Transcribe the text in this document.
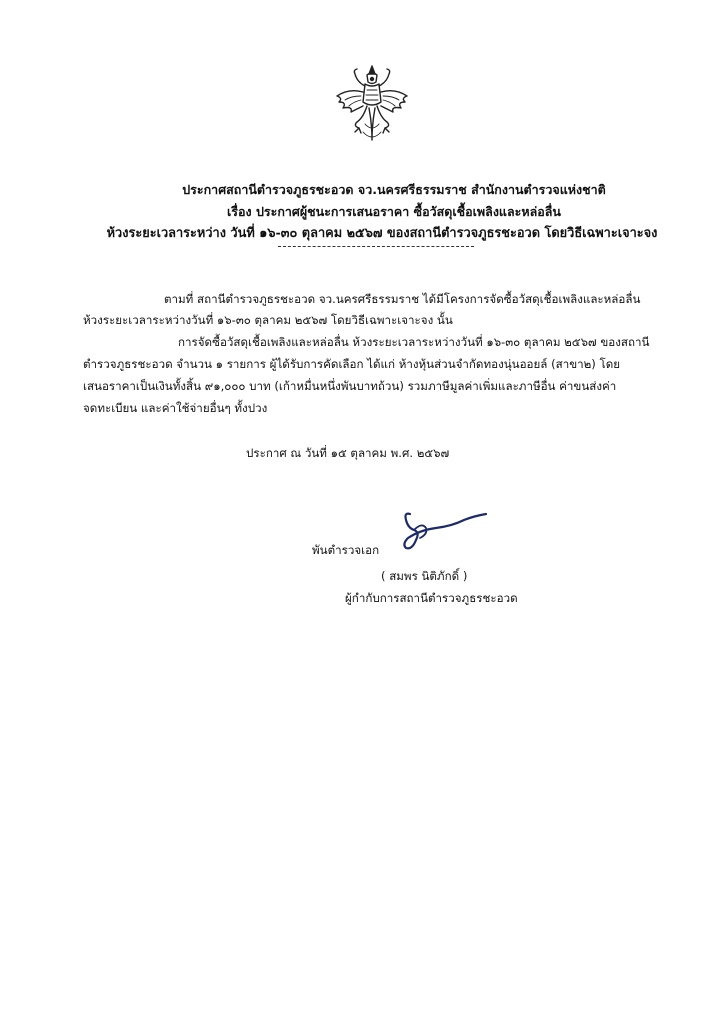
ประกาศสถานีตำรวจภูธรชะอวด จว.นครศรีธรรมราช สำนักงานตำรวจแห่งชาติ
เรื่อง ประกาศผู้ชนะการเสนอราคา ซื้อวัสดุเชื้อเพลิงและหล่อลื่น
ห้วงระยะเวลาระหว่าง วันที่ ๑๖-๓๐ ตุลาคม ๒๕๖๗ ของสถานีตำรวจภูธรชะอวด โดยวิธีเฉพาะเจาะจง
ตามที่ สถานีตำรวจภูธรชะอวด จว.นครศรีธรรมราช ได้มีโครงการจัดซื้อวัสดุเชื้อเพลิงและหล่อลื่น
ห้วงระยะเวลาระหว่างวันที่ ๑๖-๓๐ ตุลาคม ๒๕๖๗ โดยวิธีเฉพาะเจาะจง นั้น
การจัดซื้อวัสดุเชื้อเพลิงและหล่อลื่น ห้วงระยะเวลาระหว่างวันที่ ๑๖-๓๐ ตุลาคม ๒๕๖๗ ของสถานี
ตำรวจภูธรชะอวด จำนวน ๑ รายการ ผู้ได้รับการคัดเลือก ได้แก่ ห้างหุ้นส่วนจำกัดทองนุ่นออยล์ (สาขา๒) โดย
เสนอราคาเป็นเงินทั้งสิ้น ๙๑,๐๐๐ บาท (เก้าหมื่นหนึ่งพันบาทถ้วน) รวมภาษีมูลค่าเพิ่มและภาษีอื่น ค่าขนส่งค่า
จดทะเบียน และค่าใช้จ่ายอื่นๆ ทั้งปวง
ประกาศ ณ วันที่ ๑๕ ตุลาคม พ.ศ. ๒๕๖๗
พันตำรวจเอก
( สมพร นิติภักดิ์ )
ผู้กำกับการสถานีตำรวจภูธรชะอวด
